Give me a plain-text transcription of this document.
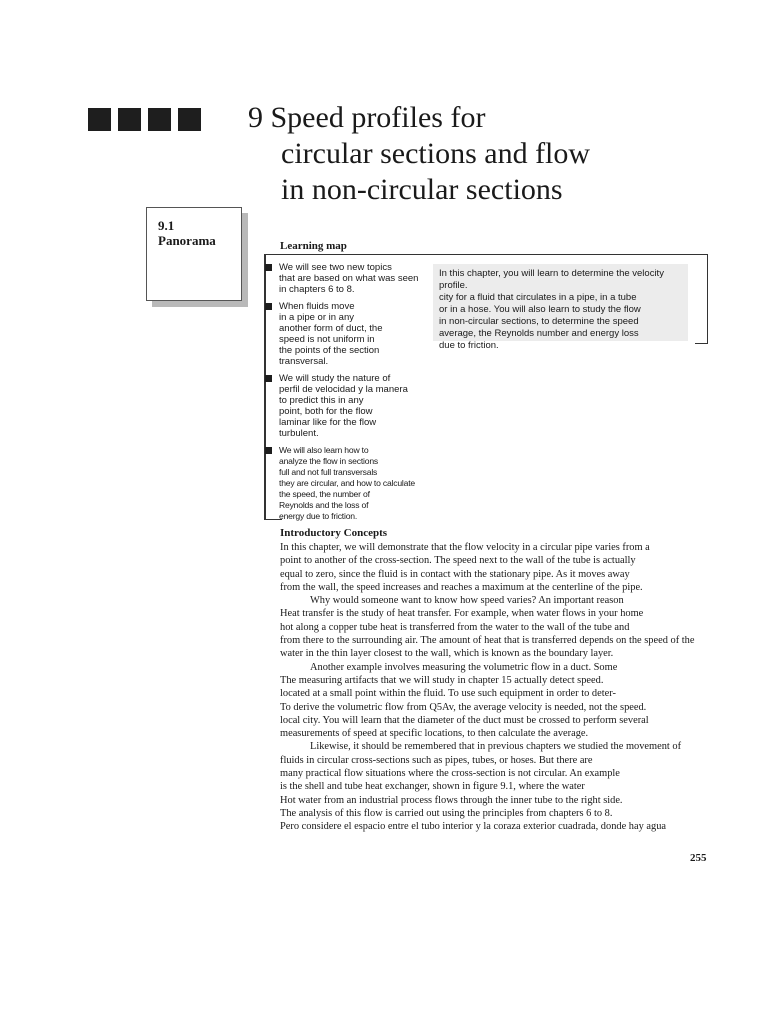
9 Speed profiles for
circular sections and flow
in non-circular sections
9.1
Panorama	Learning map
We will see two new topics
that are based on what was seen
in chapters 6 to 8.
When fluids move
in a pipe or in any
another form of duct, the
speed is not uniform in
the points of the section
transversal.
We will study the nature of
perfil de velocidad y la manera
to predict this in any
point, both for the flow
laminar like for the flow
turbulent.
We will also learn how to
analyze the flow in sections
full and not full transversals
they are circular, and how to calculate
the speed, the number of
Reynolds and the loss of
energy due to friction.
In this chapter, you will learn to determine the velocity profile.
city for a fluid that circulates in a pipe, in a tube
or in a hose. You will also learn to study the flow
in non-circular sections, to determine the speed
average, the Reynolds number and energy loss
due to friction.
Introductory Concepts
In this chapter, we will demonstrate that the flow velocity in a circular pipe varies from a
point to another of the cross-section. The speed next to the wall of the tube is actually
equal to zero, since the fluid is in contact with the stationary pipe. As it moves away
from the wall, the speed increases and reaches a maximum at the centerline of the pipe.
Why would someone want to know how speed varies? An important reason
Heat transfer is the study of heat transfer. For example, when water flows in your home
hot along a copper tube heat is transferred from the water to the wall of the tube and
from there to the surrounding air. The amount of heat that is transferred depends on the speed of the
water in the thin layer closest to the wall, which is known as the boundary layer.
Another example involves measuring the volumetric flow in a duct. Some
The measuring artifacts that we will study in chapter 15 actually detect speed.
located at a small point within the fluid. To use such equipment in order to deter-
To derive the volumetric flow from Q5Av, the average velocity is needed, not the speed.
local city. You will learn that the diameter of the duct must be crossed to perform several
measurements of speed at specific locations, to then calculate the average.
Likewise, it should be remembered that in previous chapters we studied the movement of
fluids in circular cross-sections such as pipes, tubes, or hoses. But there are
many practical flow situations where the cross-section is not circular. An example
is the shell and tube heat exchanger, shown in figure 9.1, where the water
Hot water from an industrial process flows through the inner tube to the right side.
The analysis of this flow is carried out using the principles from chapters 6 to 8.
Pero considere el espacio entre el tubo interior y la coraza exterior cuadrada, donde hay agua
255
